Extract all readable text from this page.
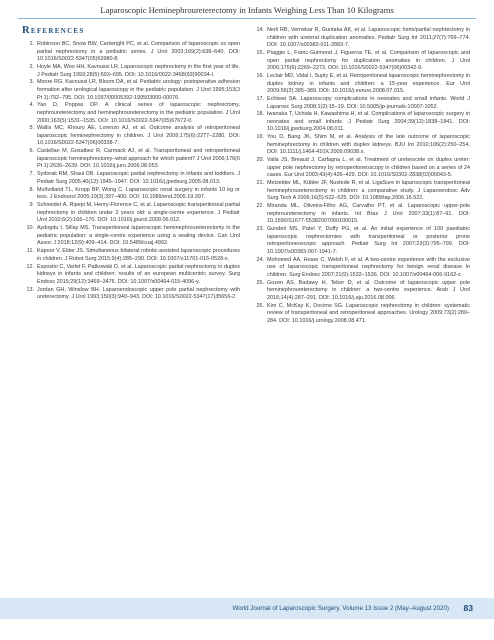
Laparoscopic Heminephroureterectomy in Infants Weighing Less Than 10 Kilograms
References
1. Robinson BC, Snow BW, Cartwright PC, et al. Comparison of laparoscopic vs open partial nephrectomy in a pediatric series. J Urol 2003;169(2):638–640. DOI: 10.1016/S0022-5347(05)63980-8.
2. Hoyle MA, Woo HH, Kavoussi LR. Laparoscopic nephrectomy in the first year of life. J Pediatr Surg 1993;28(5):693–695. DOI: 10.1016/0022-3468(93)90034-I.
3. Moore RG, Kavoussi LR, Bloom DA, et al. Pediatric urology: postoperative adhesion formation after urological laparoscopy in the pediatric population. J Urol 1995;153(3 Pt 1):792–795. DOI: 10.1097/00005392-199503000-00076.
4. Yao D, Poppas DP. A clinical series of laparoscopic nephrectomy, nephroureterectomy and heminephroureterectomy in the pediatric population. J Urol 2000;163(5):1531–1535. DOI: 10.1016/S0022-5347(05)67672-0.
5. Wallis MC, Khoury AE, Lorenzo AJ, et al. Outcome analysis of retroperitoneal laparoscopic heminephrectomy in children. J Urol 2006;175(6):2277–2280. DOI: 10.1016/S0022-5347(06)00338-7.
6. Castellan M, Gosalbez R, Carmack AJ, et al. Transperitoneal and retroperitoneal laparoscopic heminephrectomy–what approach for which patient? J Urol 2006;176(6 Pt 1):2636–2639. DOI: 10.1016/j.juro.2006.08.053.
7. Sydorak RM, Shaul DB. Laparoscopic partial nephrectomy in infants and toddlers. J Pediatr Surg 2005;40(12):1945–1947. DOI: 10.1016/j.jpedsurg.2005.08.013.
8. Mulholland TL, Kropp BP, Wong C. Laparoscopic renal surgery in infants 10 kg or less. J Endourol 2005;19(3):397–400. DOI: 10.1089/end.2005.19.397.
9. Schneider A, Ripepi M, Henry-Florence C, et al. Laparoscopic transperitoneal partial nephrectomy in children under 2 years old: a single-centre experience. J Pediatr Urol 2010;6(2):166–170. DOI: 10.1016/j.jpurol.2009.06.012.
10. Aydogdu I, Sillay MS. Transperitoneal laparoscopic heminephroureterectomy in the pediatric population: a single-centre experience using a sealing device. Can Urol Assoc J 2018;12(9):409–414. DOI: 10.5489/cuaj.4992.
11. Kapoor V, Elder JS. Simultaneous bilateral robotic-assisted laparoscopic procedures in children. J Robot Surg 2015;9(4):285–290. DOI: 10.1007/s11701-015-0528-x.
12. Esposito C, Varlet F, Patkowski D, et al. Laparoscopic partial nephrectomy in duplex kidneys in infants and children: results of an european multicentric survey. Surg Endosc 2015;29(12):3469–3476. DOI: 10.1007/s00464-015-4096-y.
13. Jordan GH, Winslow BH. Laparoendoscopic upper pole partial nephrectomy with ureterectomy. J Urol 1993;150(3):940–943. DOI: 10.1016/S0022-5347(17)35656-2.
14. Nerli RB, Vernekar R, Guntaka AK, et al. Laparoscopic hemi/partial nephrectomy in children with ureteral duplication anomalies. Pediatr Surg Int 2011;27(7):769–774. DOI: 10.1007/s00383-011-2883-7.
15. Piaggio L, Franc-Guimond J, Figueroa TE, et al. Comparison of laparoscopic and open partial nephrectomy for duplication anomalies in children. J Urol 2006;175(6):2269–2273. DOI: 10.1016/S0022-5347(06)00342-9.
16. Leclair MD, Vidal I, Suply E, et al. Retroperitoneal laparoscopic heminephrectomy in duplex kidney in infants and children: a 15-year experience. Eur Urol 2009;56(2):385–389. DOI: 10.1016/j.eururo.2008.07.015.
17. Echtewi SA. Laparoscopy complications in neonates and small infants. World J Laparosc Surg 2008;1(2):15–19. DOI: 10.5005/jp-journals-10007-1052.
18. Iwanaka T, Uchida H, Kawashima H, et al. Complications of laparoscopic surgery in neonates and small infants. J Pediatr Surg 2004;39(12):1838–1841. DOI: 10.1016/j.jpedsurg.2004.08.011.
19. You D, Bang JK, Shim M, et al. Analysis of the late outcome of laparoscopic heminephrectomy in children with duplex kidneys. BJU Int 2010;106(2):250–254. DOI: 10.1111/j.1464-410X.2009.09038.x.
20. Valla JS, Breaud J, Carfagna L, et al. Treatment of ureterocele on duplex ureter: upper pole nephrectomy by retroperitoneoscopy in children based on a series of 24 cases. Eur Urol 2003;43(4):426–429. DOI: 10.1016/S0302-2838(03)00043-5.
21. Metzelder ML, Kübler JF, Nustede R, et al. LigaSure in laparoscopic transperitoneal heminephroureterectomy in children: a comparative study. J Laparoendosc Adv Surg Tech A 2006;16(5):522–525. DOI: 10.1089/lap.2006.16.522.
22. Miranda ML, Oliveira-Filho AG, Carvalho PT, et al. Laparoscopic upper-pole nephroureterectomy in infants. Int Braz J Urol 2007;33(1):87–91. DOI: 10.1590/S1677-55382007000100015.
23. Gundeti MS, Patel Y, Duffy PG, et al. An initial experience of 100 paediatric laparoscopic nephrectomies with transperitoneal or posterior prone retroperitoneoscopic approach. Pediatr Surg Int 2007;23(3):795–799. DOI: 10.1007/s00383-007-1941-7.
24. Mohomed AA, Hoare C, Welsh F, et al. A two-centre experience with the exclusive use of laparoscopic transperitoneal nephrectomy for benign renal disease in children. Surg Endosc 2007;21(9):1532–1536. DOI: 10.1007/s00464-006-9162-z.
25. Gozen AS, Badawy H, Teber D, et al. Outcome of laparoscopic upper pole heminephroureterectomy in children: a two-centre experience. Arab J Urol 2016;14(4):287–291. DOI: 10.1016/j.aju.2016.08.006.
26. Kim C, McKay K, Docimo SG. Laparoscopic nephrectomy in children: systematic review of transperitoneal and retroperitoneal approaches. Urology 2009;73(2):280–284. DOI: 10.1016/j.urology.2008.08.471.
World Journal of Laparoscopic Surgery, Volume 13 Issue 2 (May–August 2020) 83
